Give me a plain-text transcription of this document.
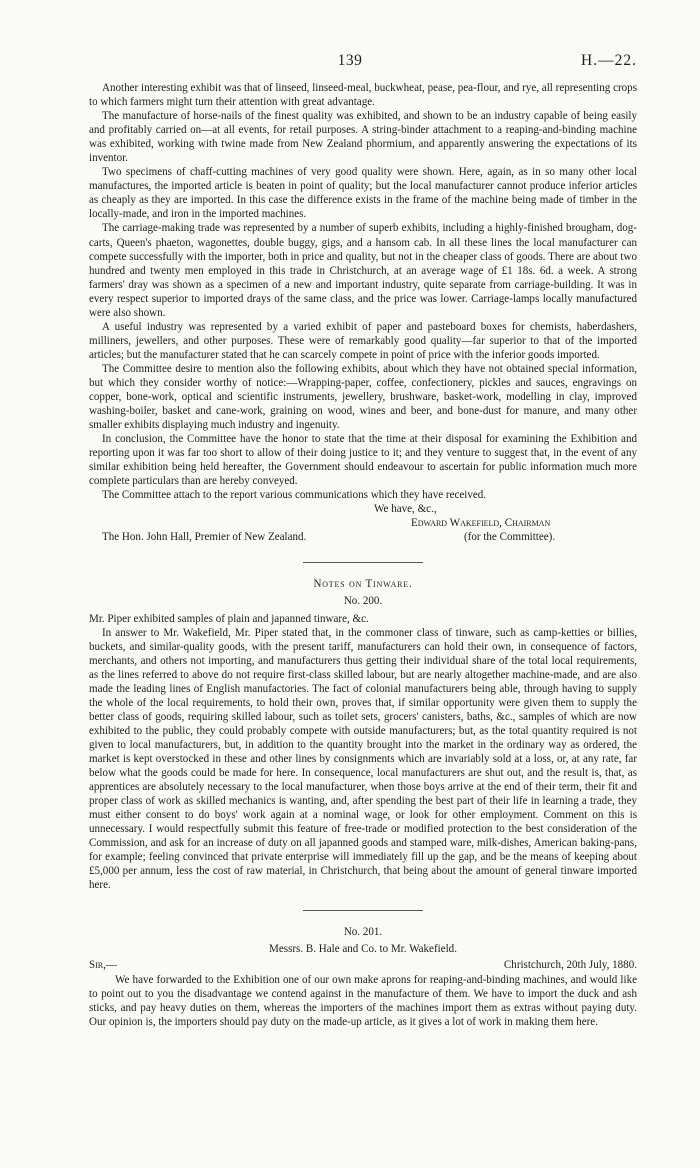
139	H.—22.

Another interesting exhibit was that of linseed, linseed-meal, buckwheat, pease, pea-flour, and rye, all representing crops to which farmers might turn their attention with great advantage.

The manufacture of horse-nails of the finest quality was exhibited, and shown to be an industry capable of being easily and profitably carried on—at all events, for retail purposes. A string-binder attachment to a reaping-and-binding machine was exhibited, working with twine made from New Zealand phormium, and apparently answering the expectations of its inventor.

Two specimens of chaff-cutting machines of very good quality were shown. Here, again, as in so many other local manufactures, the imported article is beaten in point of quality; but the local manufacturer cannot produce inferior articles as cheaply as they are imported. In this case the difference exists in the frame of the machine being made of timber in the locally-made, and iron in the imported machines.

The carriage-making trade was represented by a number of superb exhibits, including a highly-finished brougham, dog-carts, Queen's phaeton, wagonettes, double buggy, gigs, and a hansom cab. In all these lines the local manufacturer can compete successfully with the importer, both in price and quality, but not in the cheaper class of goods. There are about two hundred and twenty men employed in this trade in Christchurch, at an average wage of £1 18s. 6d. a week. A strong farmers' dray was shown as a specimen of a new and important industry, quite separate from carriage-building. It was in every respect superior to imported drays of the same class, and the price was lower. Carriage-lamps locally manufactured were also shown.

A useful industry was represented by a varied exhibit of paper and pasteboard boxes for chemists, haberdashers, milliners, jewellers, and other purposes. These were of remarkably good quality—far superior to that of the imported articles; but the manufacturer stated that he can scarcely compete in point of price with the inferior goods imported.

The Committee desire to mention also the following exhibits, about which they have not obtained special information, but which they consider worthy of notice:—Wrapping-paper, coffee, confectionery, pickles and sauces, engravings on copper, bone-work, optical and scientific instruments, jewellery, brushware, basket-work, modelling in clay, improved washing-boiler, basket and cane-work, graining on wood, wines and beer, and bone-dust for manure, and many other smaller exhibits displaying much industry and ingenuity.

In conclusion, the Committee have the honor to state that the time at their disposal for examining the Exhibition and reporting upon it was far too short to allow of their doing justice to it; and they venture to suggest that, in the event of any similar exhibition being held hereafter, the Government should endeavour to ascertain for public information much more complete particulars than are hereby conveyed.

The Committee attach to the report various communications which they have received.

We have, &c.,
Edward Wakefield, Chairman
(for the Committee).
The Hon. John Hall, Premier of New Zealand.
Notes on Tinware.
No. 200.

Mr. Piper exhibited samples of plain and japanned tinware, &c.

In answer to Mr. Wakefield, Mr. Piper stated that, in the commoner class of tinware, such as camp-ketties or billies, buckets, and similar-quality goods, with the present tariff, manufacturers can hold their own, in consequence of factors, merchants, and others not importing, and manufacturers thus getting their individual share of the total local requirements, as the lines referred to above do not require first-class skilled labour, but are nearly altogether machine-made, and are also made the leading lines of English manufactories. The fact of colonial manufacturers being able, through having to supply the whole of the local requirements, to hold their own, proves that, if similar opportunity were given them to supply the better class of goods, requiring skilled labour, such as toilet sets, grocers' canisters, baths, &c., samples of which are now exhibited to the public, they could probably compete with outside manufacturers; but, as the total quantity required is not given to local manufacturers, but, in addition to the quantity brought into the market in the ordinary way as ordered, the market is kept overstocked in these and other lines by consignments which are invariably sold at a loss, or, at any rate, far below what the goods could be made for here. In consequence, local manufacturers are shut out, and the result is, that, as apprentices are absolutely necessary to the local manufacturer, when those boys arrive at the end of their term, their fit and proper class of work as skilled mechanics is wanting, and, after spending the best part of their life in learning a trade, they must either consent to do boys' work again at a nominal wage, or look for other employment. Comment on this is unnecessary. I would respectfully submit this feature of free-trade or modified protection to the best consideration of the Commission, and ask for an increase of duty on all japanned goods and stamped ware, milk-dishes, American baking-pans, for example; feeling convinced that private enterprise will immediately fill up the gap, and be the means of keeping about £5,000 per annum, less the cost of raw material, in Christchurch, that being about the amount of general tinware imported here.

No. 201.
Messrs. B. Hale and Co. to Mr. Wakefield.
Sir,—	Christchurch, 20th July, 1880.

We have forwarded to the Exhibition one of our own make aprons for reaping-and-binding machines, and would like to point out to you the disadvantage we contend against in the manufacture of them. We have to import the duck and ash sticks, and pay heavy duties on them, whereas the importers of the machines import them as extras without paying duty. Our opinion is, the importers should pay duty on the made-up article, as it gives a lot of work in making them here.
